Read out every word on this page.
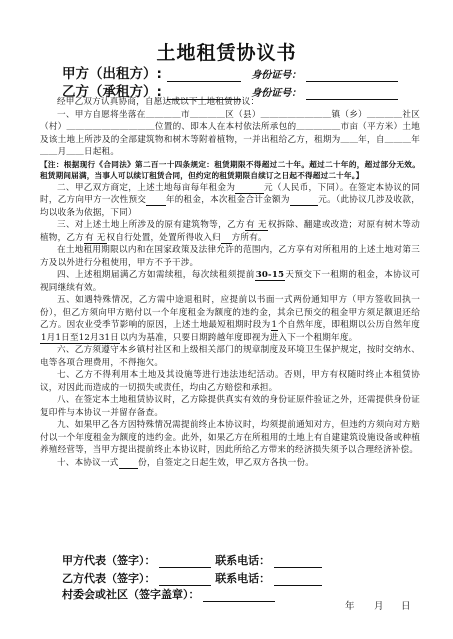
土地租赁协议书
甲方（出租方）:	身份证号：
乙方（承租方）:	身份证号：

经甲乙双方认真协商，自愿达成以下土地租赁协议：

一、甲方自愿将坐落在＿＿＿＿市＿＿＿＿区（县）＿＿＿＿＿＿＿＿镇（乡）＿＿＿＿社区（村）＿＿＿＿＿＿＿＿＿＿位置的、即本人在本村依法所承包的＿＿＿＿＿市亩（平方米）土地及该土地上所涉及的全部建筑物和树木等附着植物，一并出租给乙方，租期为＿＿年，自＿＿＿年＿＿月＿＿日起租。

【注：根据现行《合同法》第二百一十四条规定：租赁期限不得超过二十年。超过二十年的，超过部分无效。租赁期间届满，当事人可以续订租赁合同，但约定的租赁期限自续订之日起不得超过二十年。】

二、甲乙双方商定，上述土地每亩每年租金为　　　	元（人民币，下同）。在签定本协议的同时，乙方向甲方一次性预交　　 年的租金，本次租金合计金额为　　　	元。（此协议几涉及收款，均以收条为依据，下同）

三、对上述土地上所涉及的原有建筑物等，乙方有 无权拆除、翻建或改造；对原有树木等动植物，乙方有 无权自行处置，处置所得收入归　 方所有。

在土地租用期限以内和在国家政策及法律允许的范围内，乙方享有对所租用的上述土地对第三方及以外进行分租使用，甲方不予干涉。

四、上述租期届满乙方如需续租，每次续租须提前30-15天预交下一租期的租金，本协议可视同继续有效。

五、如遇特殊情况，乙方需中途退租时，应提前以书面一式两份通知甲方（甲方签收回执一份），但乙方须向甲方赔付以一个年度租金为额度的违约金，其余已预交的租金甲方须足额退还给乙方。因农业受季节影响的原因，上述土地最短租期时段为1个自然年度，即租期以公历自然年度1月1日至12月31日以内为基准，只要日期跨越年度即视为进入下一个租期年度。

六、乙方须遵守本乡镇村社区和上级相关部门的规章制度及环境卫生保护规定，按时交纳水、电等各项合理费用，不得拖欠。

七、乙方不得利用本土地及其设施等进行违法违纪活动。否则，甲方有权随时终止本租赁协议，对因此而造成的一切损失或责任，均由乙方赔偿和承担。

八、在签定本土地租赁协议时，乙方除提供真实有效的身份证原件验证之外，还需提供身份证复印件与本协议一并留存备查。

九、如果甲乙各方因特殊情况需提前终止本协议时，均须提前通知对方，但违约方须向对方赔付以一个年度租金为额度的违约金。此外，如果乙方在所租用的土地上有自建建筑设施设备或种植养殖经营等，当甲方提出提前终止本协议时，因此所给乙方带来的经济损失须予以合理经济补偿。

十、本协议一式　　 份，自签定之日起生效，甲乙双方各执一份。

甲方代表（签字）：	联系电话：
乙方代表（签字）：	联系电话：
村委会或社区（签字盖章）：
年 月 日
